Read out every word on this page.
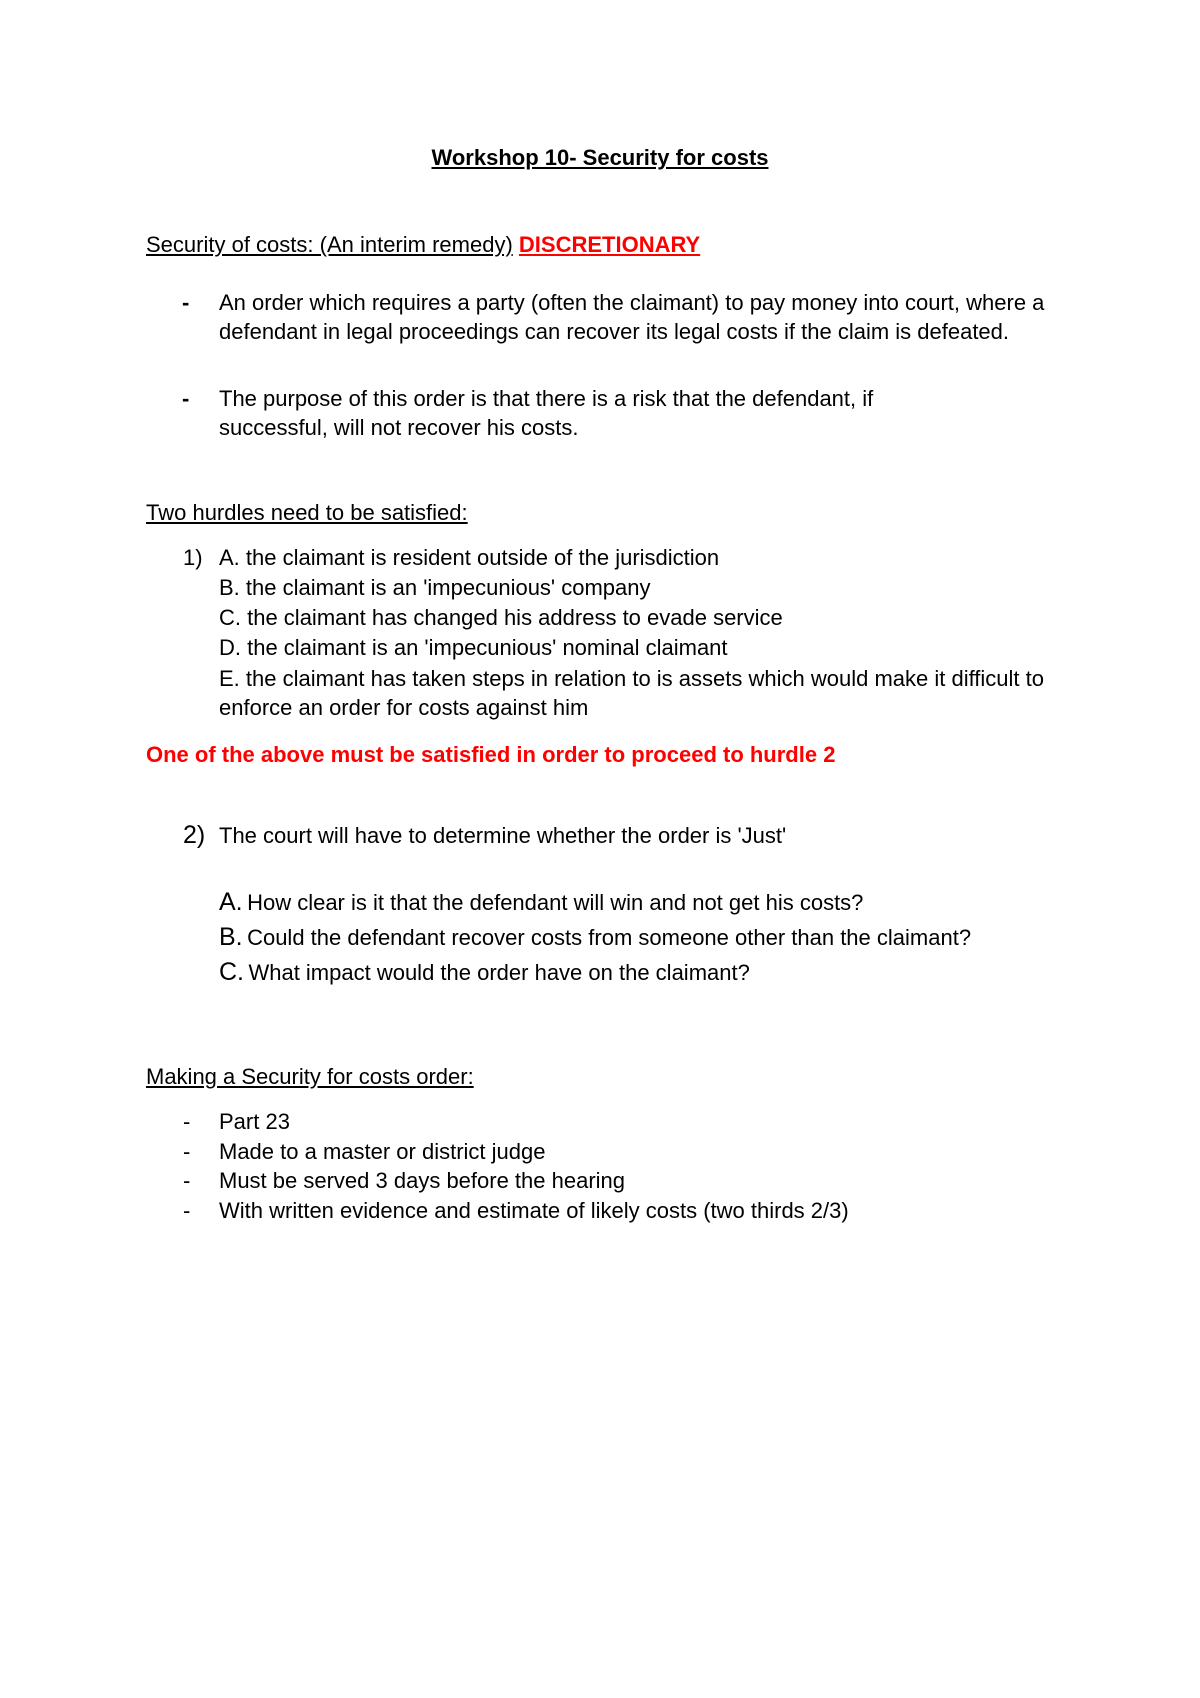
Workshop 10- Security for costs
Security of costs: (An interim remedy) DISCRETIONARY
- An order which requires a party (often the claimant) to pay money into court, where a defendant in legal proceedings can recover its legal costs if the claim is defeated.
- The purpose of this order is that there is a risk that the defendant, if successful, will not recover his costs.
Two hurdles need to be satisfied:
1) A. the claimant is resident outside of the jurisdiction
B. the claimant is an 'impecunious' company
C. the claimant has changed his address to evade service
D. the claimant is an 'impecunious' nominal claimant
E. the claimant has taken steps in relation to is assets which would make it difficult to enforce an order for costs against him
One of the above must be satisfied in order to proceed to hurdle 2
2) The court will have to determine whether the order is 'Just'
A. How clear is it that the defendant will win and not get his costs?
B. Could the defendant recover costs from someone other than the claimant?
C. What impact would the order have on the claimant?
Making a Security for costs order:
- Part 23
- Made to a master or district judge
- Must be served 3 days before the hearing
- With written evidence and estimate of likely costs (two thirds 2/3)
